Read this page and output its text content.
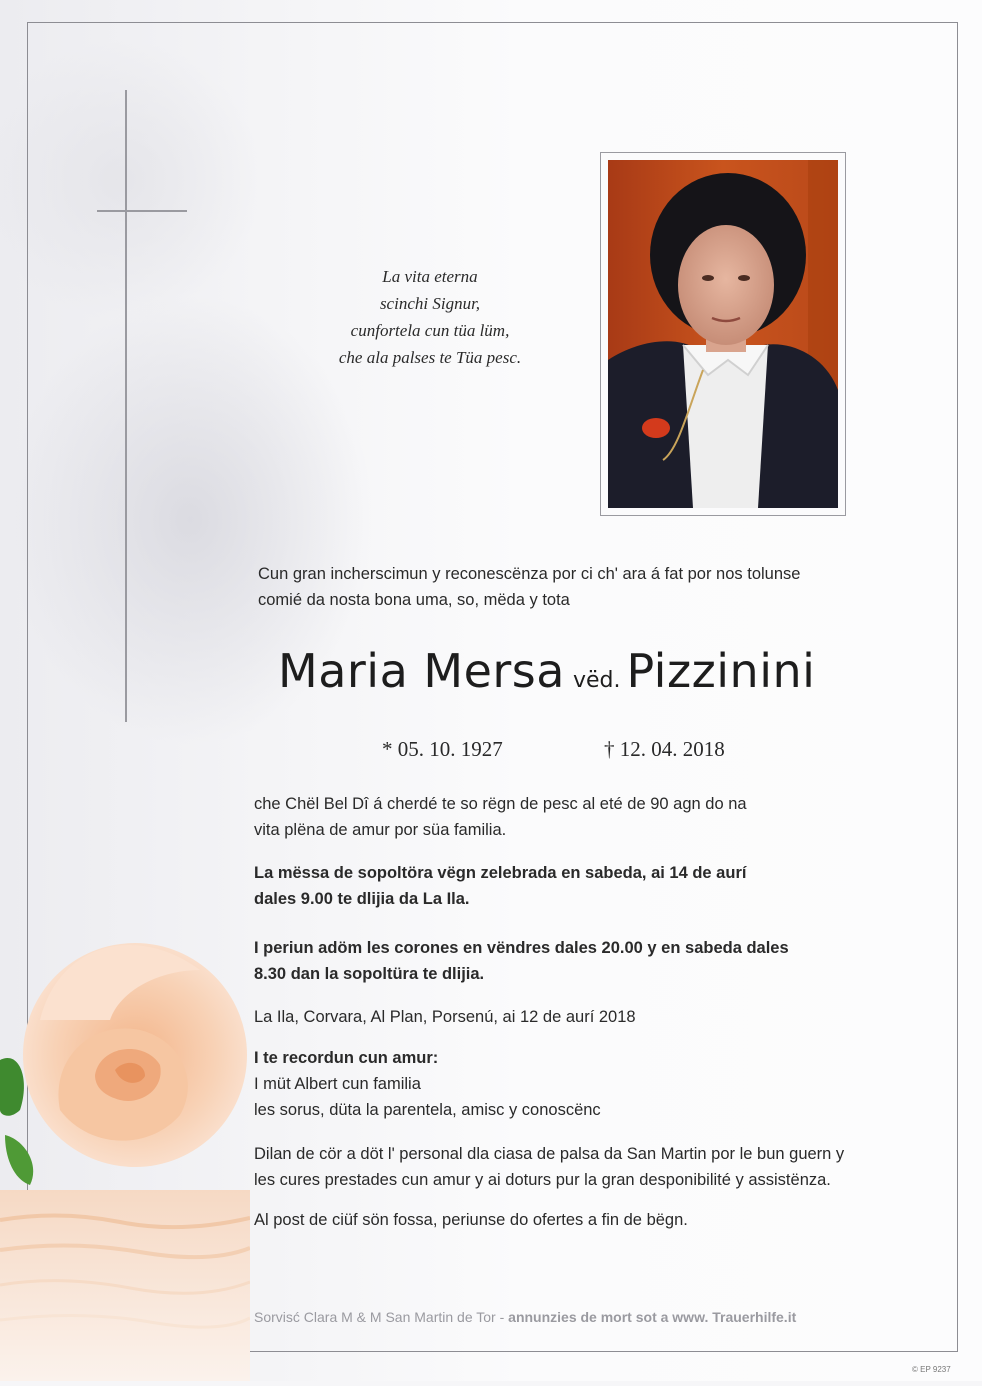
La vita eterna
scinchi Signur,
cunfortela cun tüa lüm,
che ala palses te Tüa pesc.
Cun gran incherscimun y reconescënza por ci ch' ara á fat por nos tolunse
comié da nosta bona uma, so, mëda y tota
Maria Mersa vëd. Pizzinini
* 05. 10. 1927	† 12. 04. 2018
che Chël Bel Dî á cherdé te so rëgn de pesc al eté de 90 agn do na
vita plëna de amur por süa familia.
La mëssa de sopoltöra vëgn zelebrada en sabeda, ai 14 de aurí
dales 9.00 te dlijia da La Ila.
I periun adöm les corones en vëndres dales 20.00 y en sabeda dales
8.30 dan la sopoltüra te dlijia.
La Ila, Corvara, Al Plan, Porsenú, ai 12 de aurí 2018
I te recordun cun amur:
I müt Albert cun familia
les sorus, düta la parentela, amisc y conoscënc
Dilan de cör a döt l' personal dla ciasa de palsa da San Martin por le bun guern y
les cures prestades cun amur y ai doturs pur la gran desponibilité y assistënza.
Al post de ciüf sön fossa, periunse do ofertes a fin de bëgn.
Sorvisć Clara M & M San Martin de Tor - annunzies de mort sot a www. Trauerhilfe.it
© EP 9237
